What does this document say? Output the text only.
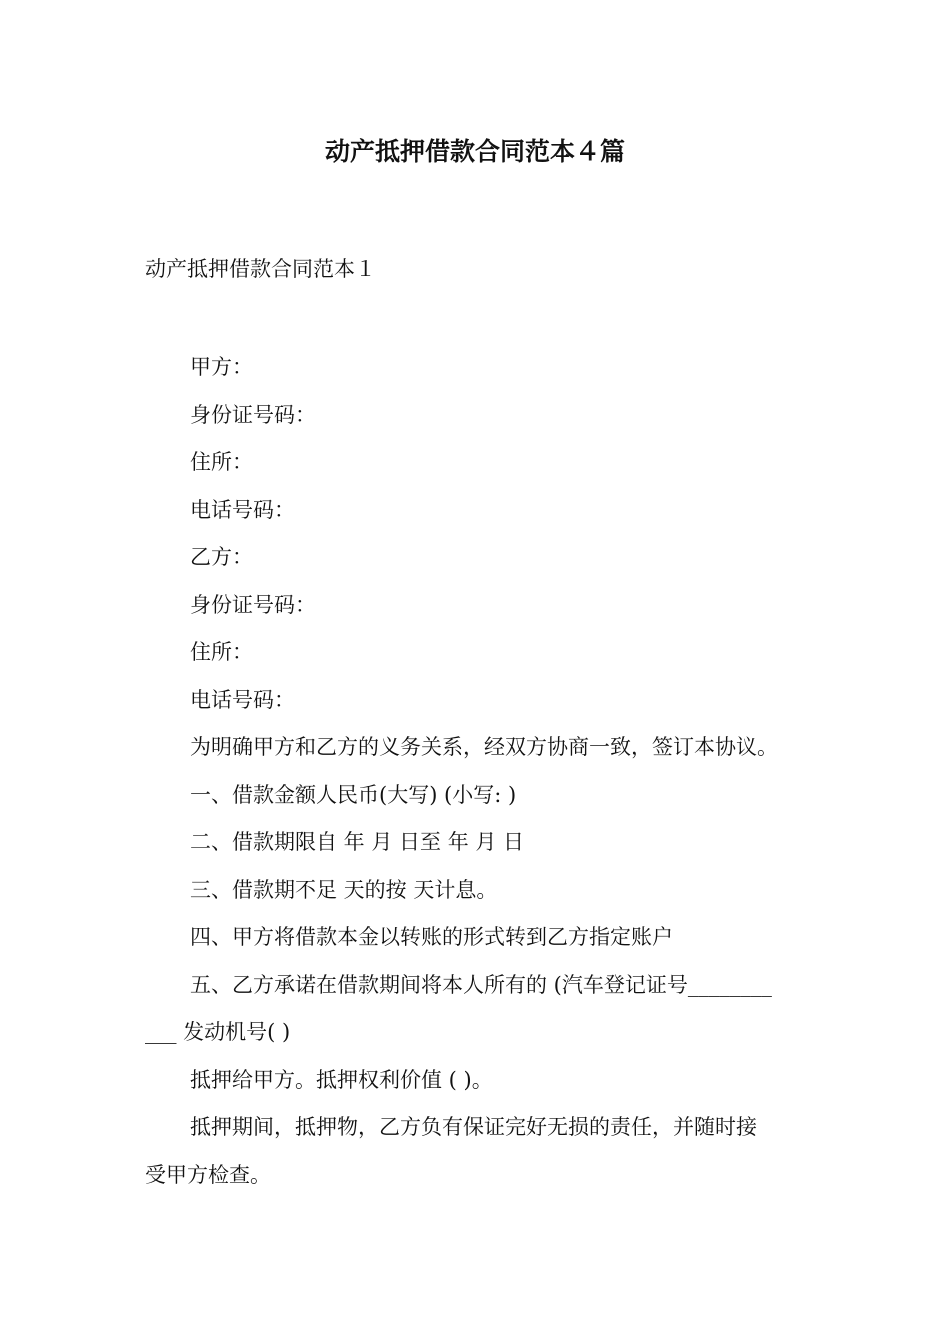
动产抵押借款合同范本４篇

动产抵押借款合同范本１

甲方：

身份证号码：

住所：

电话号码：

乙方：

身份证号码：

住所：

电话号码：

为明确甲方和乙方的义务关系，经双方协商一致，签订本协议。

一、借款金额人民币(大写) (小写: )

二、借款期限自 年 月 日至 年 月 日

三、借款期不足 天的按 天计息。

四、甲方将借款本金以转账的形式转到乙方指定账户

五、乙方承诺在借款期间将本人所有的 (汽车登记证号________

___ 发动机号( )

抵押给甲方。抵押权利价值 ( )。

抵押期间，抵押物，乙方负有保证完好无损的责任，并随时接

受甲方检查。
